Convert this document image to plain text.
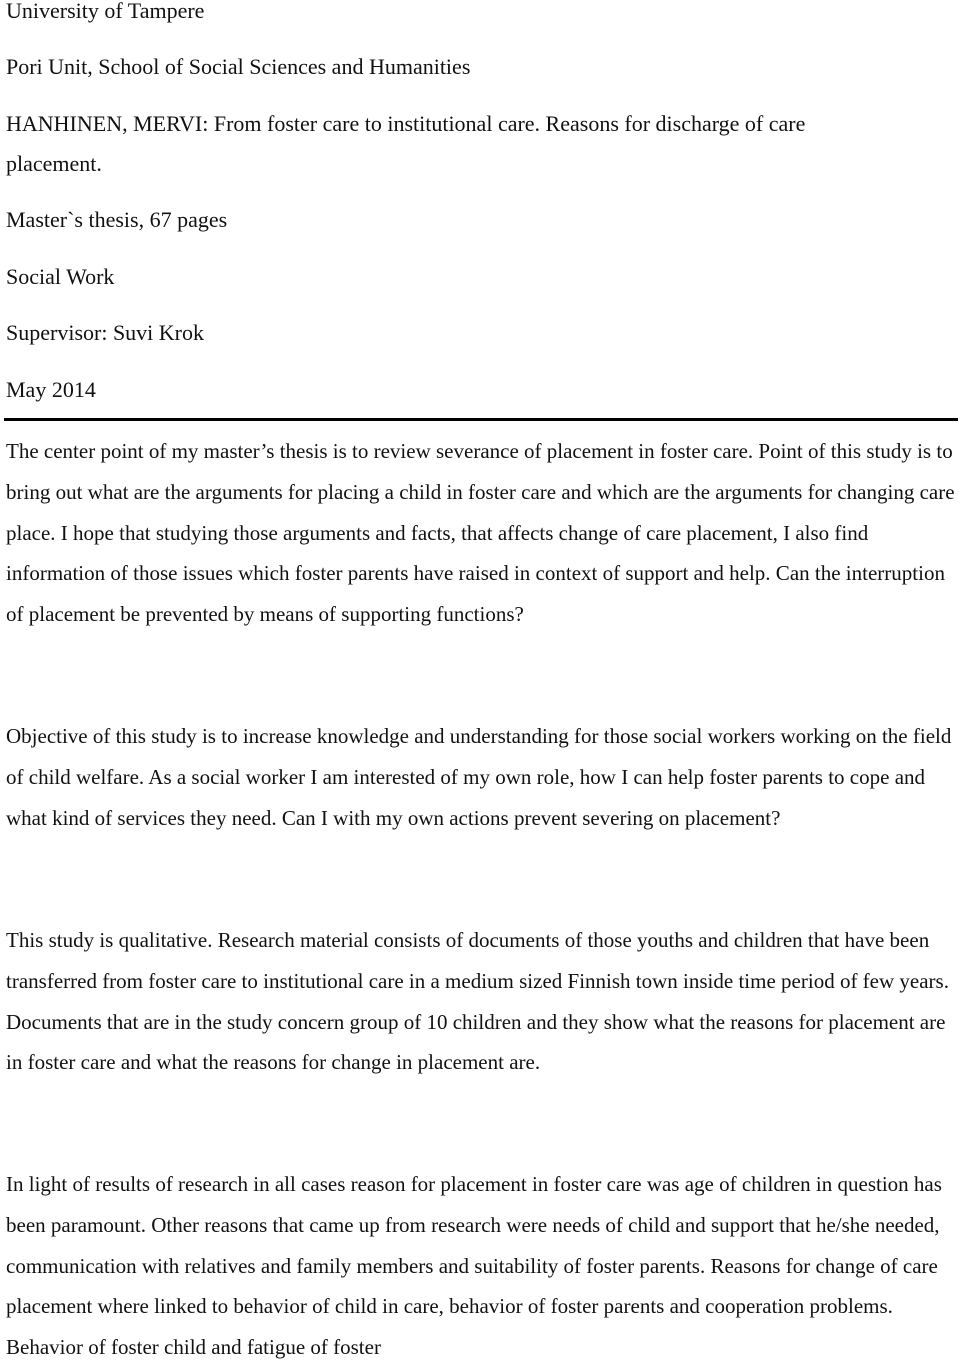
University of Tampere

Pori Unit, School of Social Sciences and Humanities

HANHINEN, MERVI: From foster care to institutional care. Reasons for discharge of care

placement.

Master`s thesis, 67 pages

Social Work

Supervisor: Suvi Krok

May 2014

The center point of my master’s thesis is to review severance of placement in foster care. Point of this study is to bring out what are the arguments for placing a child in foster care and which are the arguments for changing care place. I hope that studying those arguments and facts, that affects change of care placement, I also find information of those issues which foster parents have raised in context of support and help. Can the interruption of placement be prevented by means of supporting functions?

Objective of this study is to increase knowledge and understanding for those social workers working on the field of child welfare. As a social worker I am interested of my own role, how I can help foster parents to cope and what kind of services they need. Can I with my own actions prevent severing on placement?

This study is qualitative. Research material consists of documents of those youths and children that have been transferred from foster care to institutional care in a medium sized Finnish town inside time period of few years. Documents that are in the study concern group of 10 children and they show what the reasons for placement are in foster care and what the reasons for change in placement are.

In light of results of research in all cases reason for placement in foster care was age of children in question has been paramount. Other reasons that came up from research were needs of child and support that he/she needed, communication with relatives and family members and suitability of foster parents. Reasons for change of care placement where linked to behavior of child in care, behavior of foster parents and cooperation problems. Behavior of foster child and fatigue of foster
